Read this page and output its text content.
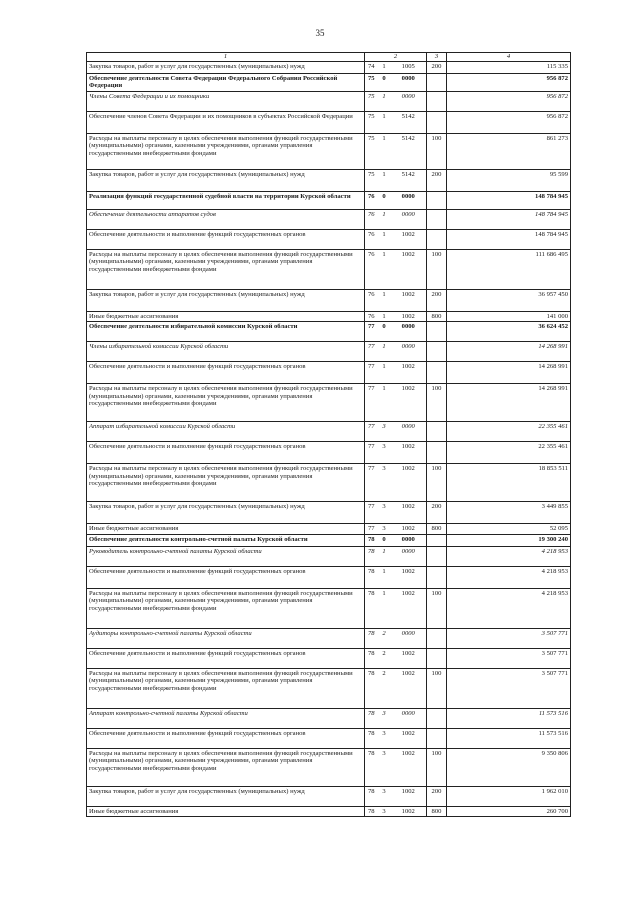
35
1	2			3	4
Закупка товаров, работ и услуг для государственных (муниципальных) нужд	74	1	1005	200	115 335
Обеспечение деятельности Совета Федерации Федерального Собрания Российской Федерации	75	0	0000		956 872
Члены Совета Федерации и их помощники	75	1	0000		956 872
Обеспечение членов Совета Федерации и их помощников в субъектах Российской Федерации	75	1	5142		956 872
Расходы на выплаты персоналу в целях обеспечения выполнения функций государственными (муниципальными) органами, казенными учреждениями, органами управления государственными внебюджетными фондами	75	1	5142	100	861 273
Закупка товаров, работ и услуг для государственных (муниципальных) нужд	75	1	5142	200	95 599
Реализация функций государственной судебной власти на территории Курской области	76	0	0000		148 784 945
Обеспечение деятельности аппаратов судов	76	1	0000		148 784 945
Обеспечение деятельности и выполнение функций государственных органов	76	1	1002		148 784 945
Расходы на выплаты персоналу в целях обеспечения выполнения функций государственными (муниципальными) органами, казенными учреждениями, органами управления государственными внебюджетными фондами	76	1	1002	100	111 686 495
Закупка товаров, работ и услуг для государственных (муниципальных) нужд	76	1	1002	200	36 957 450
Иные бюджетные ассигнования	76	1	1002	800	141 000
Обеспечение деятельности избирательной комиссии Курской области	77	0	0000		36 624 452
Члены избирательной комиссии Курской области	77	1	0000		14 268 991
Обеспечение деятельности и выполнение функций государственных органов	77	1	1002		14 268 991
Расходы на выплаты персоналу в целях обеспечения выполнения функций государственными (муниципальными) органами, казенными учреждениями, органами управления государственными внебюджетными фондами	77	1	1002	100	14 268 991
Аппарат избирательной комиссии Курской области	77	3	0000		22 355 461
Обеспечение деятельности и выполнение функций государственных органов	77	3	1002		22 355 461
Расходы на выплаты персоналу в целях обеспечения выполнения функций государственными (муниципальными) органами, казенными учреждениями, органами управления государственными внебюджетными фондами	77	3	1002	100	18 853 511
Закупка товаров, работ и услуг для государственных (муниципальных) нужд	77	3	1002	200	3 449 855
Иные бюджетные ассигнования	77	3	1002	800	52 095
Обеспечение деятельности контрольно-счетной палаты Курской области	78	0	0000		19 300 240
Руководитель контрольно-счетной палаты Курской области	78	1	0000		4 218 953
Обеспечение деятельности и выполнение функций государственных органов	78	1	1002		4 218 953
Расходы на выплаты персоналу в целях обеспечения выполнения функций государственными (муниципальными) органами, казенными учреждениями, органами управления государственными внебюджетными фондами	78	1	1002	100	4 218 953
Аудиторы контрольно-счетной палаты Курской области	78	2	0000		3 507 771
Обеспечение деятельности и выполнение функций государственных органов	78	2	1002		3 507 771
Расходы на выплаты персоналу в целях обеспечения выполнения функций государственными (муниципальными) органами, казенными учреждениями, органами управления государственными внебюджетными фондами	78	2	1002	100	3 507 771
Аппарат контрольно-счетной палаты Курской области	78	3	0000		11 573 516
Обеспечение деятельности и выполнение функций государственных органов	78	3	1002		11 573 516
Расходы на выплаты персоналу в целях обеспечения выполнения функций государственными (муниципальными) органами, казенными учреждениями, органами управления государственными внебюджетными фондами	78	3	1002	100	9 350 806
Закупка товаров, работ и услуг для государственных (муниципальных) нужд	78	3	1002	200	1 962 010
Иные бюджетные ассигнования	78	3	1002	800	260 700
